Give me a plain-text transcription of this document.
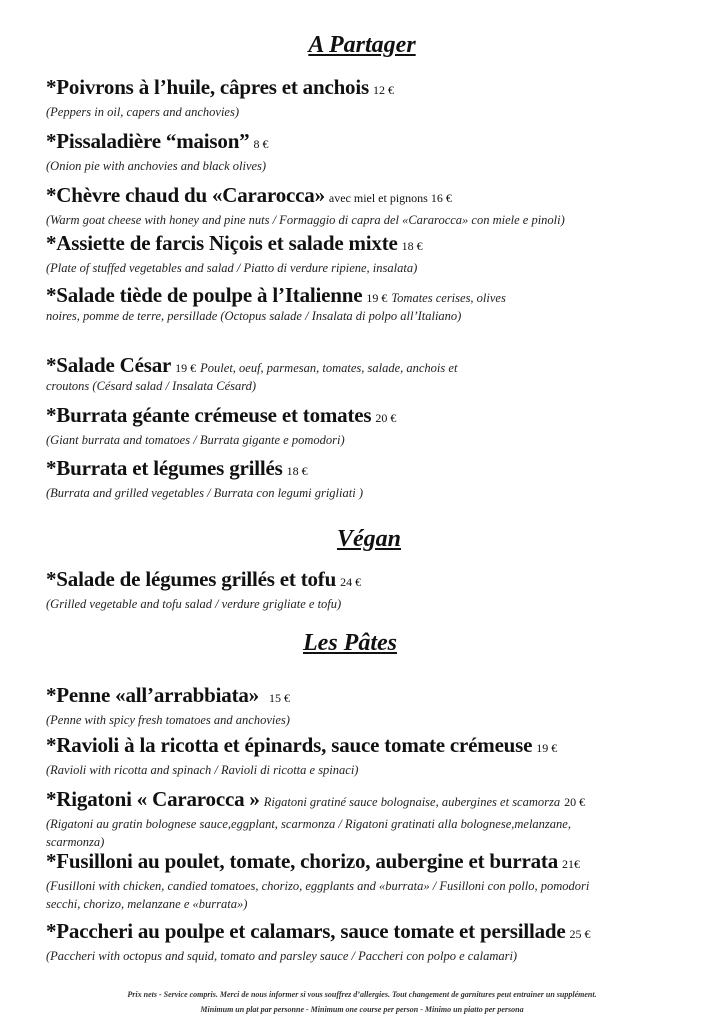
A Partager
*Poivrons à l’huile, câpres et anchois 12 €
(Peppers in oil, capers and anchovies)
*Pissaladière “maison” 8 €
(Onion pie with anchovies and black olives)
*Chèvre chaud du «Cararocca» avec miel et pignons 16 €
(Warm goat cheese with honey and pine nuts / Formaggio di capra del «Cararocca» con miele e pinoli)
*Assiette de farcis Niçois et salade mixte 18 €
(Plate of stuffed vegetables and salad / Piatto di verdure ripiene, insalata)
*Salade tiède de poulpe à l’Italienne 19 € Tomates cerises, olives noires, pomme de terre, persillade (Octopus salade / Insalata di polpo all’Italiano)
*Salade César 19 € Poulet, oeuf, parmesan, tomates, salade, anchois et croutons (Césard salad / Insalata Césard)
*Burrata géante crémeuse et tomates 20 €
(Giant burrata and tomatoes / Burrata gigante e pomodori)
*Burrata et légumes grillés 18 €
(Burrata and grilled vegetables / Burrata con legumi grigliati )
Végan
*Salade de légumes grillés et tofu 24 €
(Grilled vegetable and tofu salad / verdure grigliate e tofu)
Les Pâtes
*Penne «all’arrabbiata» 15 €
(Penne with spicy fresh tomatoes and anchovies)
*Ravioli à la ricotta et épinards, sauce tomate crémeuse 19 €
(Ravioli with ricotta and spinach / Ravioli di ricotta e spinaci)
*Rigatoni « Cararocca » Rigatoni gratiné sauce bolognaise, aubergines et scamorza 20 €
(Rigatoni au gratin bolognese sauce,eggplant, scarmonza / Rigatoni gratinati alla bolognese,melanzane, scarmonza)
*Fusilloni au poulet, tomate, chorizo, aubergine et burrata 21€
(Fusilloni with chicken, candied tomatoes, chorizo, eggplants and «burrata» / Fusilloni con pollo, pomodori secchi, chorizo, melanzane e «burrata»)
*Paccheri au poulpe et calamars, sauce tomate et persillade 25 €
(Paccheri with octopus and squid, tomato and parsley sauce / Paccheri con polpo e calamari)
Prix nets - Service compris. Merci de nous informer si vous souffrez d’allergies. Tout changement de garnitures peut entrainer un supplément.
Minimum un plat par personne - Minimum one course per person - Minimo un piatto per persona
